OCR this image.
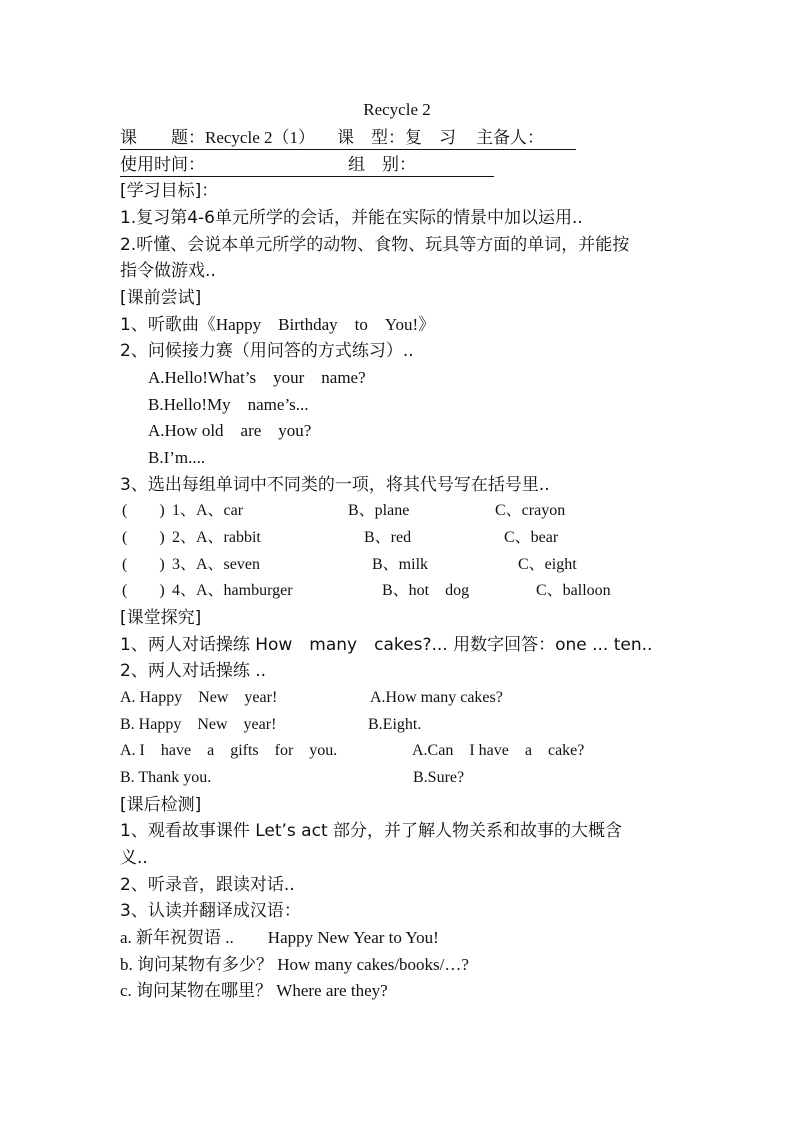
Recycle 2
课　　题：Recycle 2（1） 课　型：复　习 主备人：
使用时间：	组　别：
[学习目标]：
1.复习第4-6单元所学的会话，并能在实际的情景中加以运用..
2.听懂、会说本单元所学的动物、食物、玩具等方面的单词，并能按
指令做游戏..
[课前尝试]
1、听歌曲《Happy　Birthday　to　You!》
2、问候接力赛（用问答的方式练习）..
A.Hello!What’s　your　name?
B.Hello!My　name’s...
A.How old　are　you?
B.I’m....
3、选出每组单词中不同类的一项，将其代号写在括号里..
(　　) 1、A、car	B、plane	C、crayon
(　　) 2、A、rabbit	B、red	C、bear
(　　) 3、A、seven	B、milk	C、eight
(　　) 4、A、hamburger	B、hot　dog	C、balloon
[课堂探究]
1、两人对话操练 How　many　cakes?... 用数字回答：one ... ten..
2、两人对话操练 ..
A. Happy　New　year!	A.How many cakes?
B. Happy　New　year!	B.Eight.
A. I　have　a　gifts　for　you.	A.Can　I have　a　cake?
B. Thank you.	B.Sure?
[课后检测]
1、观看故事课件 Let’s act 部分，并了解人物关系和故事的大概含
义..
2、听录音，跟读对话..
3、认读并翻译成汉语：
a. 新年祝贺语 ..　　Happy New Year to You!
b. 询问某物有多少？ How many cakes/books/…?
c. 询问某物在哪里？ Where are they?
